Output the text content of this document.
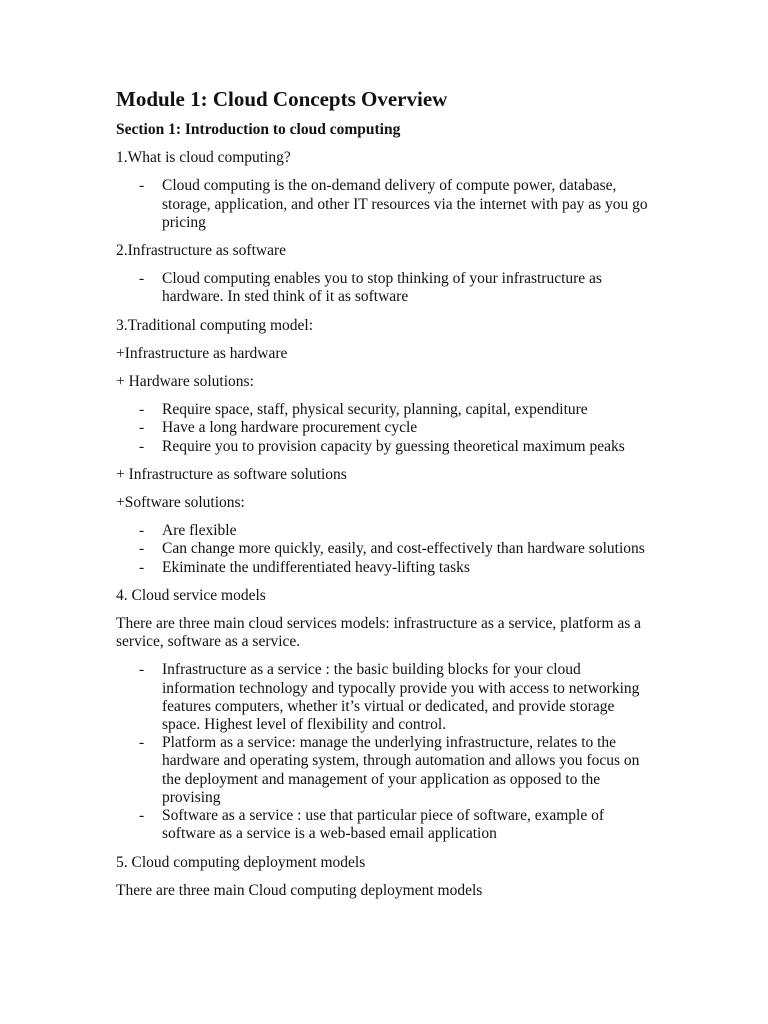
Module 1: Cloud Concepts Overview

Section 1: Introduction to cloud computing

1.What is cloud computing?

- Cloud computing is the on-demand delivery of compute power, database, storage, application, and other IT resources via the internet with pay as you go pricing

2.Infrastructure as software

- Cloud computing enables you to stop thinking of your infrastructure as hardware. In sted think of it as software

3.Traditional computing model:

+Infrastructure as hardware

+ Hardware solutions:

- Require space, staff, physical security, planning, capital, expenditure
- Have a long hardware procurement cycle
- Require you to provision capacity by guessing theoretical maximum peaks

+ Infrastructure as software solutions

+Software solutions:

- Are flexible
- Can change more quickly, easily, and cost-effectively than hardware solutions
- Ekiminate the undifferentiated heavy-lifting tasks

4. Cloud service models

There are three main cloud services models: infrastructure as a service, platform as a service, software as a service.

- Infrastructure as a service : the basic building blocks for your cloud information technology and typocally provide you with access to networking features computers, whether it’s virtual or dedicated, and provide storage space. Highest level of flexibility and control.
- Platform as a service: manage the underlying infrastructure, relates to the hardware and operating system, through automation and allows you focus on the deployment and management of your application as opposed to the provising
- Software as a service : use that particular piece of software, example of software as a service is a web-based email application

5. Cloud computing deployment models

There are three main Cloud computing deployment models
